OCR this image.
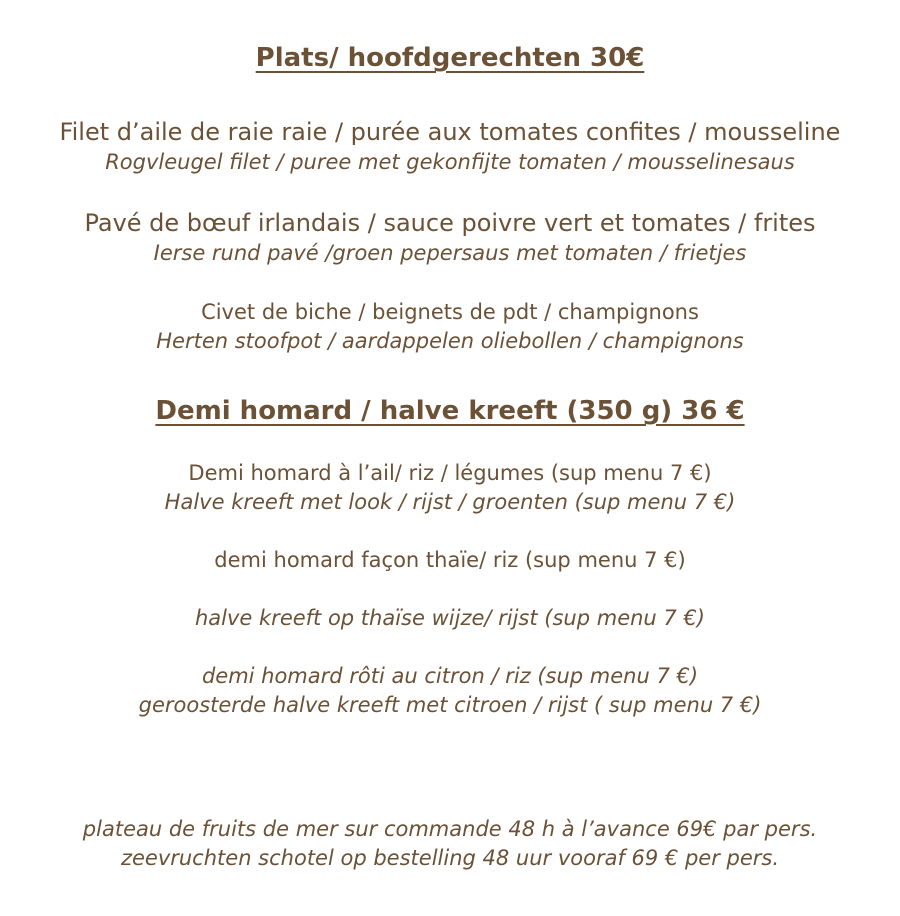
Plats/ hoofdgerechten 30€
Filet d’aile de raie raie / purée aux tomates confites / mousseline
Rogvleugel filet / puree met gekonfijte tomaten / mousselinesaus
Pavé de bœuf irlandais / sauce poivre vert et tomates / frites
Ierse rund pavé /groen pepersaus met tomaten / frietjes
Civet de biche / beignets de pdt / champignons
Herten stoofpot / aardappelen oliebollen / champignons
Demi homard / halve kreeft (350 g) 36 €
Demi homard à l’ail/ riz / légumes (sup menu 7 €)
Halve kreeft met look / rijst / groenten (sup menu 7 €)
demi homard façon thaïe/ riz (sup menu 7 €)
halve kreeft op thaïse wijze/ rijst (sup menu 7 €)
demi homard rôti au citron / riz (sup menu 7 €)
geroosterde halve kreeft met citroen / rijst ( sup menu 7 €)
plateau de fruits de mer sur commande 48 h à l’avance 69€ par pers.
zeevruchten schotel op bestelling 48 uur vooraf 69 € per pers.
